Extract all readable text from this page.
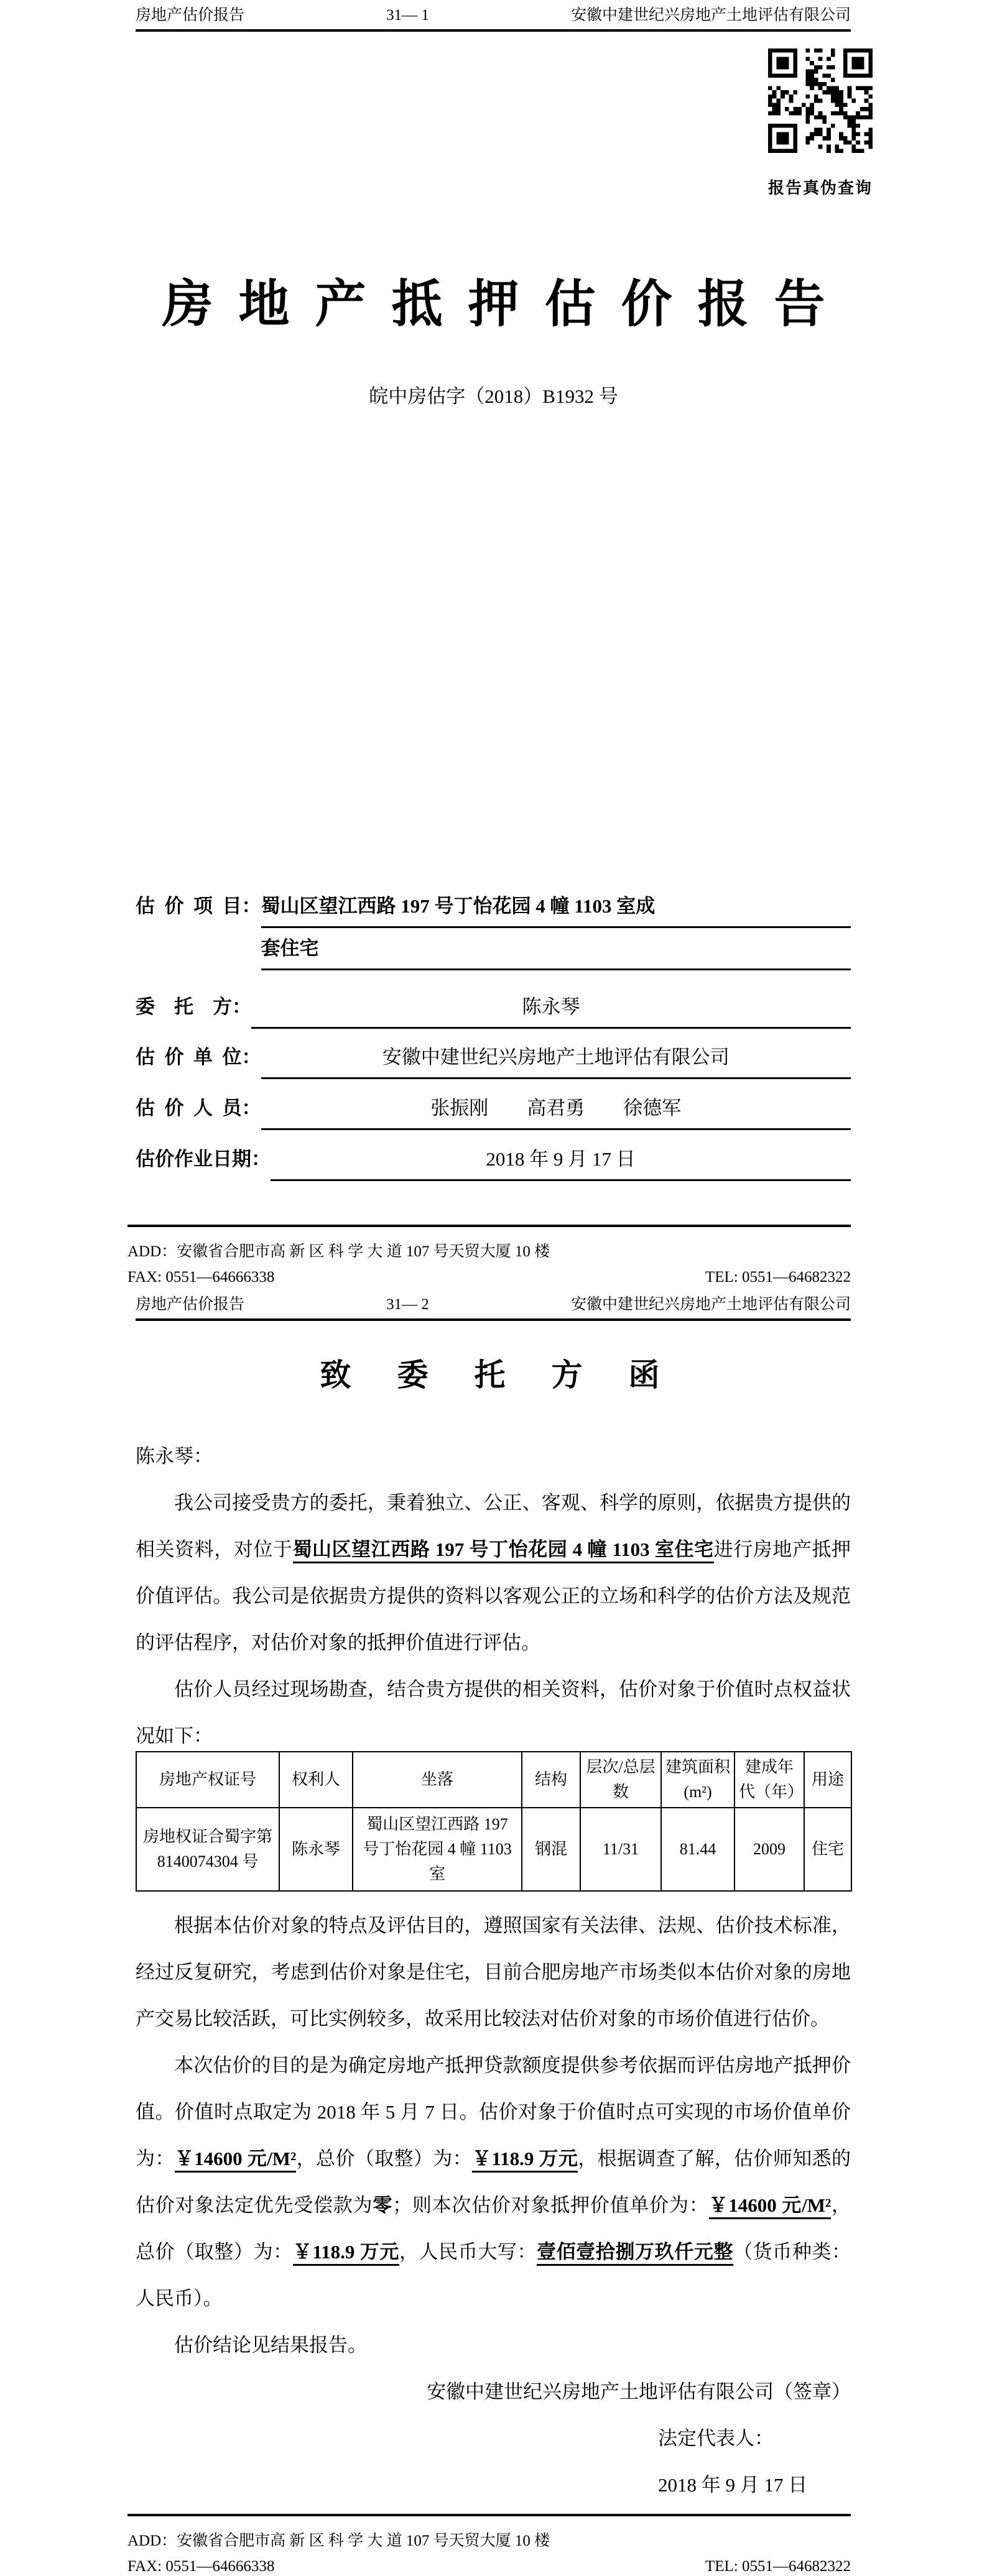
房地产估价报告	31— 1	安徽中建世纪兴房地产土地评估有限公司
报告真伪查询
房  地  产  抵  押  估  价  报  告
皖中房估字（2018）B1932 号
估  价  项  目： 蜀山区望江西路 197 号丁怡花园 4 幢 1103 室成
套住宅
委    托    方：	陈永琴
估  价  单  位：	安徽中建世纪兴房地产土地评估有限公司
估  价  人  员：	张振刚　　高君勇　　徐德军
估价作业日期：	2018 年 9 月 17 日
ADD：安徽省合肥市高 新 区 科 学 大 道 107 号天贸大厦 10 楼
FAX: 0551—64666338	TEL: 0551—64682322
房地产估价报告	31— 2	安徽中建世纪兴房地产土地评估有限公司
致　委　托　方　函
陈永琴：
我公司接受贵方的委托，秉着独立、公正、客观、科学的原则，依据贵方提供的相关资料，对位于蜀山区望江西路 197 号丁怡花园 4 幢 1103 室住宅进行房地产抵押价值评估。我公司是依据贵方提供的资料以客观公正的立场和科学的估价方法及规范的评估程序，对估价对象的抵押价值进行评估。
估价人员经过现场勘查，结合贵方提供的相关资料，估价对象于价值时点权益状况如下：
房地产权证号	权利人	坐落	结构	层次/总层数	建筑面积(m²)	建成年代（年）	用途
房地权证合蜀字第 8140074304 号	陈永琴	蜀山区望江西路 197 号丁怡花园 4 幢 1103 室	钢混	11/31	81.44	2009	住宅
根据本估价对象的特点及评估目的，遵照国家有关法律、法规、估价技术标准，经过反复研究，考虑到估价对象是住宅，目前合肥房地产市场类似本估价对象的房地产交易比较活跃，可比实例较多，故采用比较法对估价对象的市场价值进行估价。
本次估价的目的是为确定房地产抵押贷款额度提供参考依据而评估房地产抵押价值。价值时点取定为 2018 年 5 月 7 日。估价对象于价值时点可实现的市场价值单价为：￥14600 元/M²，总价（取整）为：￥118.9 万元，根据调查了解，估价师知悉的估价对象法定优先受偿款为零；则本次估价对象抵押价值单价为：￥14600 元/M²，总价（取整）为：￥118.9 万元，人民币大写：壹佰壹拾捌万玖仟元整（货币种类：人民币）。
估价结论见结果报告。
安徽中建世纪兴房地产土地评估有限公司（签章）
法定代表人：
2018 年 9 月 17 日
ADD：安徽省合肥市高 新 区 科 学 大 道 107 号天贸大厦 10 楼
FAX: 0551—64666338	TEL: 0551—64682322
